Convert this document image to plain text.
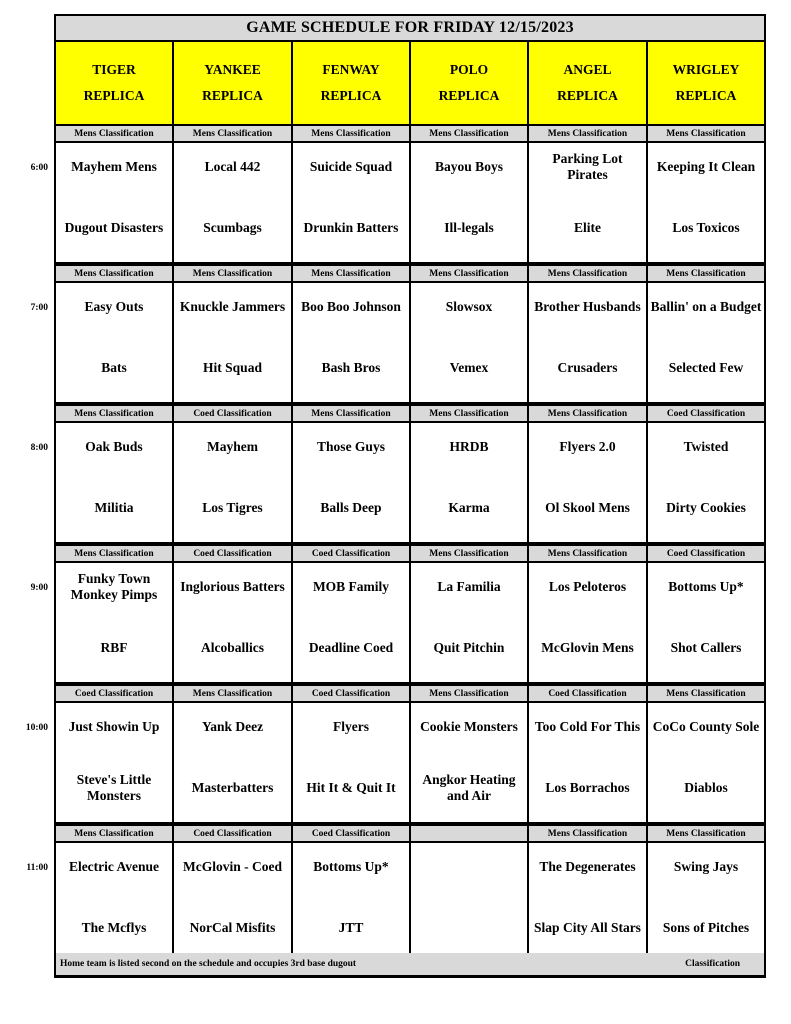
GAME SCHEDULE FOR FRIDAY 12/15/2023
TIGER
REPLICA
YANKEE
REPLICA
FENWAY
REPLICA
POLO
REPLICA
ANGEL
REPLICA
WRIGLEY
REPLICA
Mens Classification
Mayhem Mens
Dugout Disasters
Mens Classification
Local 442
Scumbags
Mens Classification
Suicide Squad
Drunkin Batters
Mens Classification
Bayou Boys
Ill-legals
Mens Classification
Parking Lot Pirates
Elite
Mens Classification
Keeping It Clean
Los Toxicos
Mens Classification
Easy Outs
Bats
Mens Classification
Knuckle Jammers
Hit Squad
Mens Classification
Boo Boo Johnson
Bash Bros
Mens Classification
Slowsox
Vemex
Mens Classification
Brother Husbands
Crusaders
Mens Classification
Ballin' on a Budget
Selected Few
Mens Classification
Oak Buds
Militia
Coed Classification
Mayhem
Los Tigres
Mens Classification
Those Guys
Balls Deep
Mens Classification
HRDB
Karma
Mens Classification
Flyers 2.0
Ol Skool Mens
Coed Classification
Twisted
Dirty Cookies
Mens Classification
Funky Town Monkey Pimps
RBF
Coed Classification
Inglorious Batters
Alcoballics
Coed Classification
MOB Family
Deadline Coed
Mens Classification
La Familia
Quit Pitchin
Mens Classification
Los Peloteros
McGlovin Mens
Coed Classification
Bottoms Up*
Shot Callers
Coed Classification
Just Showin Up
Steve's Little Monsters
Mens Classification
Yank Deez
Masterbatters
Coed Classification
Flyers
Hit It & Quit It
Mens Classification
Cookie Monsters
Angkor Heating and Air
Coed Classification
Too Cold For This
Los Borrachos
Mens Classification
CoCo County Sole
Diablos
Mens Classification
Electric Avenue
The Mcflys
Coed Classification
McGlovin - Coed
NorCal Misfits
Coed Classification
Bottoms Up*
JTT
Mens Classification
The Degenerates
Slap City All Stars
Mens Classification
Swing Jays
Sons of Pitches
Home team is listed second on the schedule and occupies 3rd base dugout	Classification
6:00
7:00
8:00
9:00
10:00
11:00
